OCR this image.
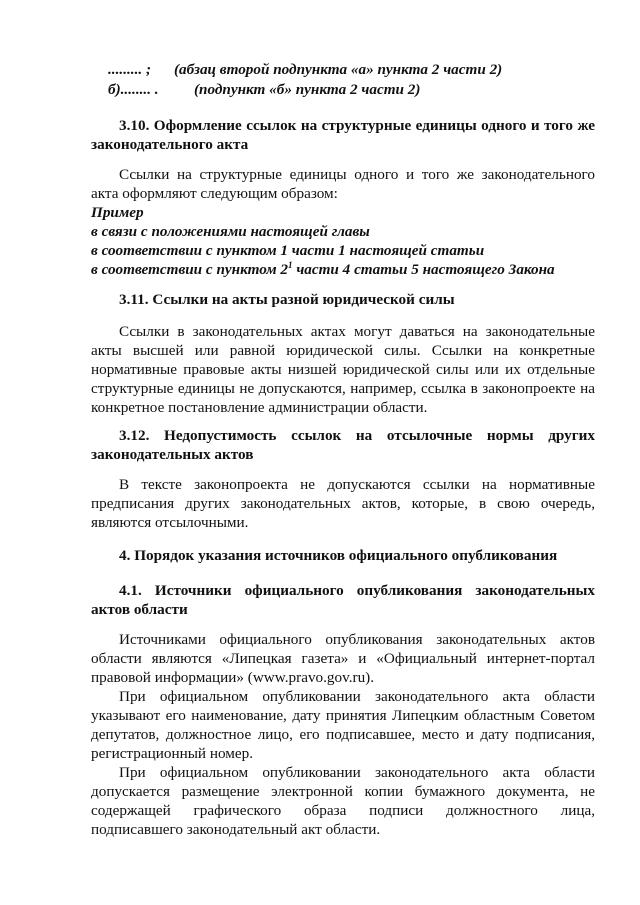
......... ; (абзац второй подпункта «а» пункта 2 части 2)
б)........ . (подпункт «б» пункта 2 части 2)
3.10. Оформление ссылок на структурные единицы одного и того же
законодательного акта
Ссылки на структурные единицы одного и того же законодательного
акта оформляют следующим образом:
Пример
в связи с положениями настоящей главы
в соответствии с пунктом 1 части 1 настоящей статьи
в соответствии с пунктом $2^1$ части 4 статьи 5 настоящего Закона
3.11. Ссылки на акты разной юридической силы
Ссылки в законодательных актах могут даваться на законодательные
акты высшей или равной юридической силы. Ссылки на конкретные
нормативные правовые акты низшей юридической силы или их отдельные
структурные единицы не допускаются, например, ссылка в законопроекте на
конкретное постановление администрации области.
3.12. Недопустимость ссылок на отсылочные нормы других
законодательных актов
В тексте законопроекта не допускаются ссылки на нормативные
предписания других законодательных актов, которые, в свою очередь,
являются отсылочными.
4. Порядок указания источников официального опубликования
4.1. Источники официального опубликования законодательных
актов области
Источниками официального опубликования законодательных актов
области являются «Липецкая газета» и «Официальный интернет-портал
правовой информации» (www.pravo.gov.ru).
При официальном опубликовании законодательного акта области
указывают его наименование, дату принятия Липецким областным Советом
депутатов, должностное лицо, его подписавшее, место и дату подписания,
регистрационный номер.
При официальном опубликовании законодательного акта области
допускается размещение электронной копии бумажного документа, не
содержащей графического образа подписи должностного лица,
подписавшего законодательный акт области.
